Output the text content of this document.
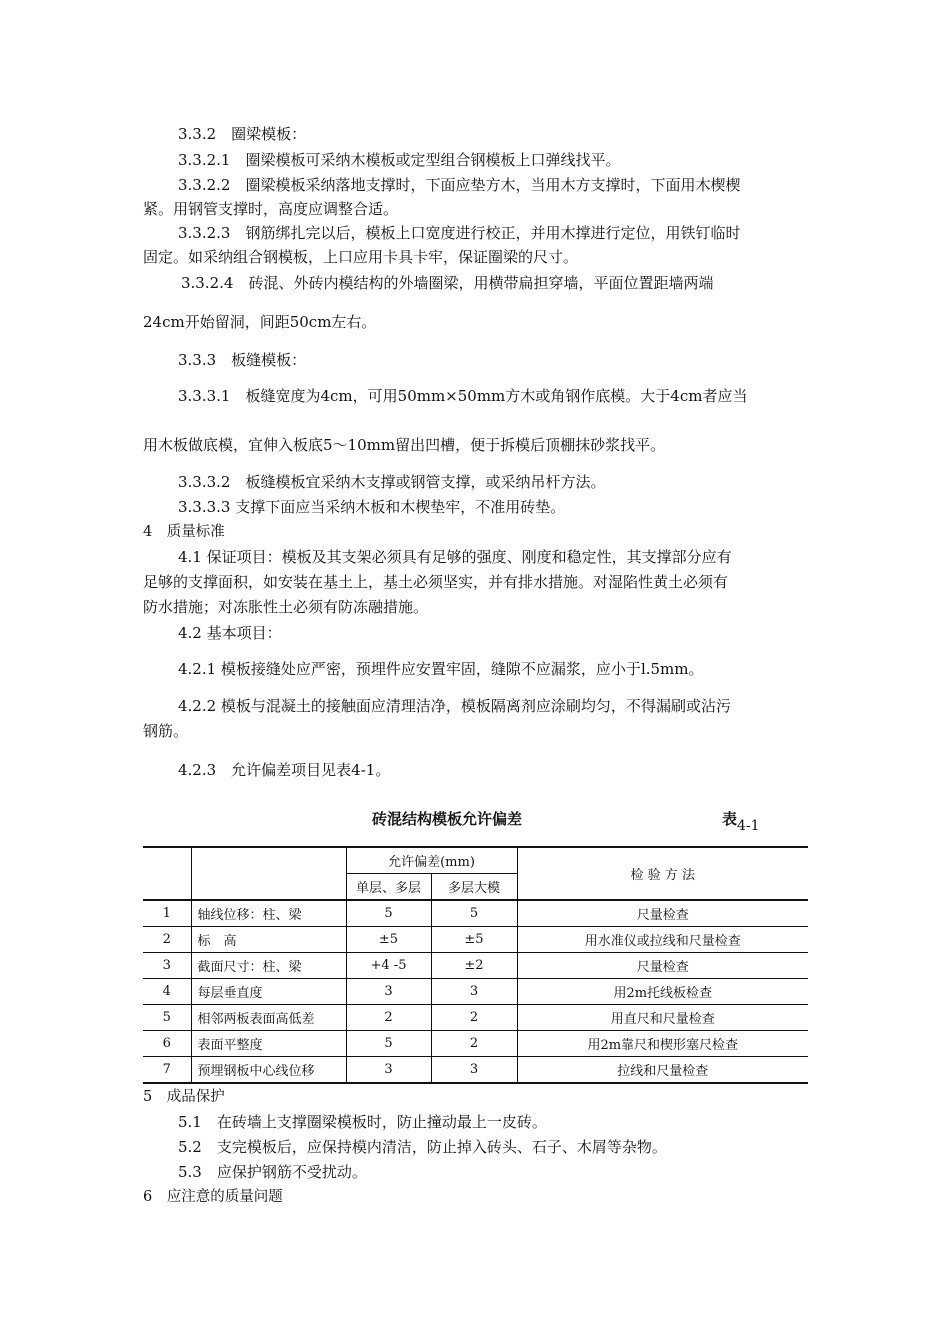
3.3.2　圈梁模板：
3.3.2.1　圈梁模板可采纳木模板或定型组合钢模板上口弹线找平。
3.3.2.2　圈梁模板采纳落地支撑时，下面应垫方木，当用木方支撑时，下面用木楔楔
紧。用钢管支撑时，高度应调整合适。
3.3.2.3　钢筋绑扎完以后，模板上口宽度进行校正，并用木撑进行定位，用铁钉临时
固定。如采纳组合钢模板，上口应用卡具卡牢，保证圈梁的尺寸。
3.3.2.4　砖混、外砖内模结构的外墙圈梁，用横带扁担穿墙，平面位置距墙两端
24cm开始留洞，间距50cm左右。
3.3.3　板缝模板：
3.3.3.1　板缝宽度为4cm，可用50mm×50mm方木或角钢作底模。大于4cm者应当
用木板做底模，宜伸入板底5～10mm留出凹槽，便于拆模后顶棚抹砂浆找平。
3.3.3.2　板缝模板宜采纳木支撑或钢管支撑，或采纳吊杆方法。
3.3.3.3 支撑下面应当采纳木板和木楔垫牢，不准用砖垫。
4　质量标准
4.1 保证项目：模板及其支架必须具有足够的强度、刚度和稳定性，其支撑部分应有
足够的支撑面积，如安装在基土上，基土必须坚实，并有排水措施。对湿陷性黄土必须有
防水措施；对冻胀性土必须有防冻融措施。
4.2 基本项目：
4.2.1 模板接缝处应严密，预埋件应安置牢固，缝隙不应漏浆，应小于l.5mm。
4.2.2 模板与混凝土的接触面应清理洁净，模板隔离剂应涂刷均匀，不得漏刷或沾污
钢筋。
4.2.3　允许偏差项目见表4-1。
砖混结构模板允许偏差	表$_{4-1}$
		允许偏差(mm)		检 验 方 法
		单层、多层	多层大模	
1	轴线位移：柱、梁	5	5	尺量检查
2	标　高	±5	±5	用水准仪或拉线和尺量检查
3	截面尺寸：柱、梁	+4 -5	±2	尺量检查
4	每层垂直度	3	3	用2m托线板检查
5	相邻两板表面高低差	2	2	用直尺和尺量检查
6	表面平整度	5	2	用2m靠尺和楔形塞尺检查
7	预埋钢板中心线位移	3	3	拉线和尺量检查
5　成品保护
5.1　在砖墙上支撑圈梁模板时，防止撞动最上一皮砖。
5.2　支完模板后，应保持模内清洁，防止掉入砖头、石子、木屑等杂物。
5.3　应保护钢筋不受扰动。
6　应注意的质量问题
